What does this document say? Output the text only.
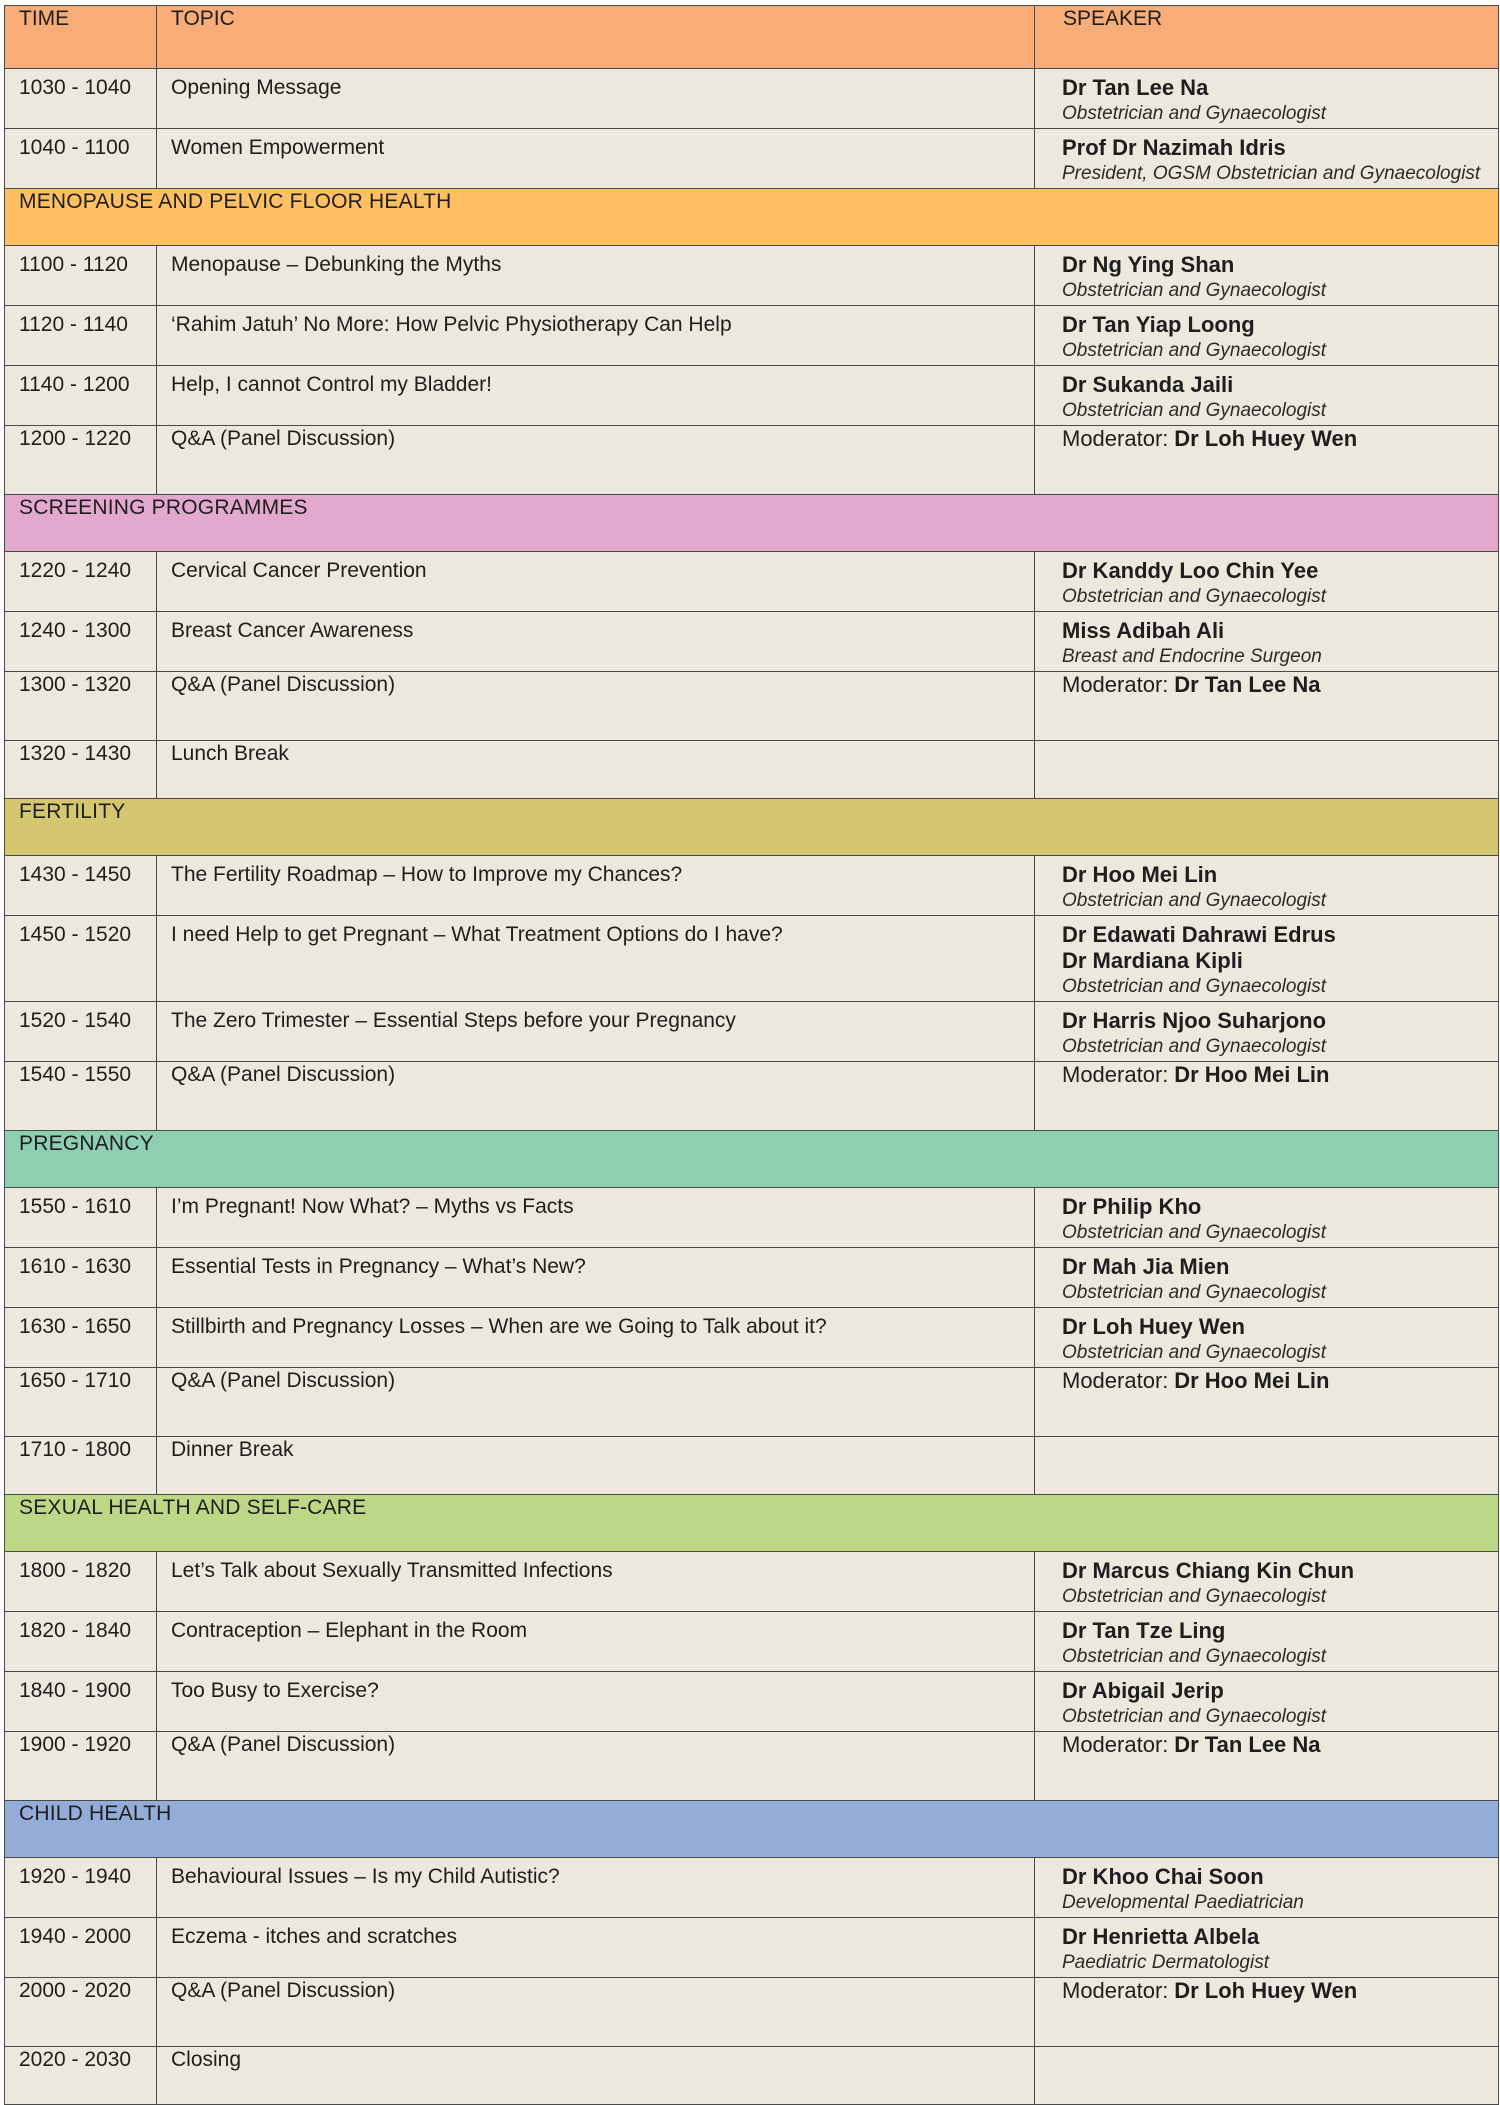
TIME	TOPIC	SPEAKER
1030 - 1040	Opening Message	Dr Tan Lee Na
Obstetrician and Gynaecologist

1040 - 1100	Women Empowerment	Prof Dr Nazimah Idris
President, OGSM Obstetrician and Gynaecologist

MENOPAUSE AND PELVIC FLOOR HEALTH		
1100 - 1120	Menopause – Debunking the Myths	Dr Ng Ying Shan
Obstetrician and Gynaecologist

1120 - 1140	‘Rahim Jatuh’ No More: How Pelvic Physiotherapy Can Help	Dr Tan Yiap Loong
Obstetrician and Gynaecologist

1140 - 1200	Help, I cannot Control my Bladder!	Dr Sukanda Jaili
Obstetrician and Gynaecologist

1200 - 1220	Q&A (Panel Discussion)	Moderator: Dr Loh Huey Wen
SCREENING PROGRAMMES		
1220 - 1240	Cervical Cancer Prevention	Dr Kanddy Loo Chin Yee
Obstetrician and Gynaecologist

1240 - 1300	Breast Cancer Awareness	Miss Adibah Ali
Breast and Endocrine Surgeon

1300 - 1320	Q&A (Panel Discussion)	Moderator: Dr Tan Lee Na
1320 - 1430	Lunch Break	
FERTILITY		
1430 - 1450	The Fertility Roadmap – How to Improve my Chances?	Dr Hoo Mei Lin
Obstetrician and Gynaecologist

1450 - 1520	I need Help to get Pregnant – What Treatment Options do I have?	Dr Edawati Dahrawi Edrus
Dr Mardiana Kipli
Obstetrician and Gynaecologist

1520 - 1540	The Zero Trimester – Essential Steps before your Pregnancy	Dr Harris Njoo Suharjono
Obstetrician and Gynaecologist

1540 - 1550	Q&A (Panel Discussion)	Moderator: Dr Hoo Mei Lin
PREGNANCY		
1550 - 1610	I’m Pregnant! Now What? – Myths vs Facts	Dr Philip Kho
Obstetrician and Gynaecologist

1610 - 1630	Essential Tests in Pregnancy – What’s New?	Dr Mah Jia Mien
Obstetrician and Gynaecologist

1630 - 1650	Stillbirth and Pregnancy Losses – When are we Going to Talk about it?	Dr Loh Huey Wen
Obstetrician and Gynaecologist

1650 - 1710	Q&A (Panel Discussion)	Moderator: Dr Hoo Mei Lin
1710 - 1800	Dinner Break	
SEXUAL HEALTH AND SELF-CARE		
1800 - 1820	Let’s Talk about Sexually Transmitted Infections	Dr Marcus Chiang Kin Chun
Obstetrician and Gynaecologist

1820 - 1840	Contraception – Elephant in the Room	Dr Tan Tze Ling
Obstetrician and Gynaecologist

1840 - 1900	Too Busy to Exercise?	Dr Abigail Jerip
Obstetrician and Gynaecologist

1900 - 1920	Q&A (Panel Discussion)	Moderator: Dr Tan Lee Na
CHILD HEALTH		
1920 - 1940	Behavioural Issues – Is my Child Autistic?	Dr Khoo Chai Soon
Developmental Paediatrician

1940 - 2000	Eczema - itches and scratches	Dr Henrietta Albela
Paediatric Dermatologist

2000 - 2020	Q&A (Panel Discussion)	Moderator: Dr Loh Huey Wen
2020 - 2030	Closing	
